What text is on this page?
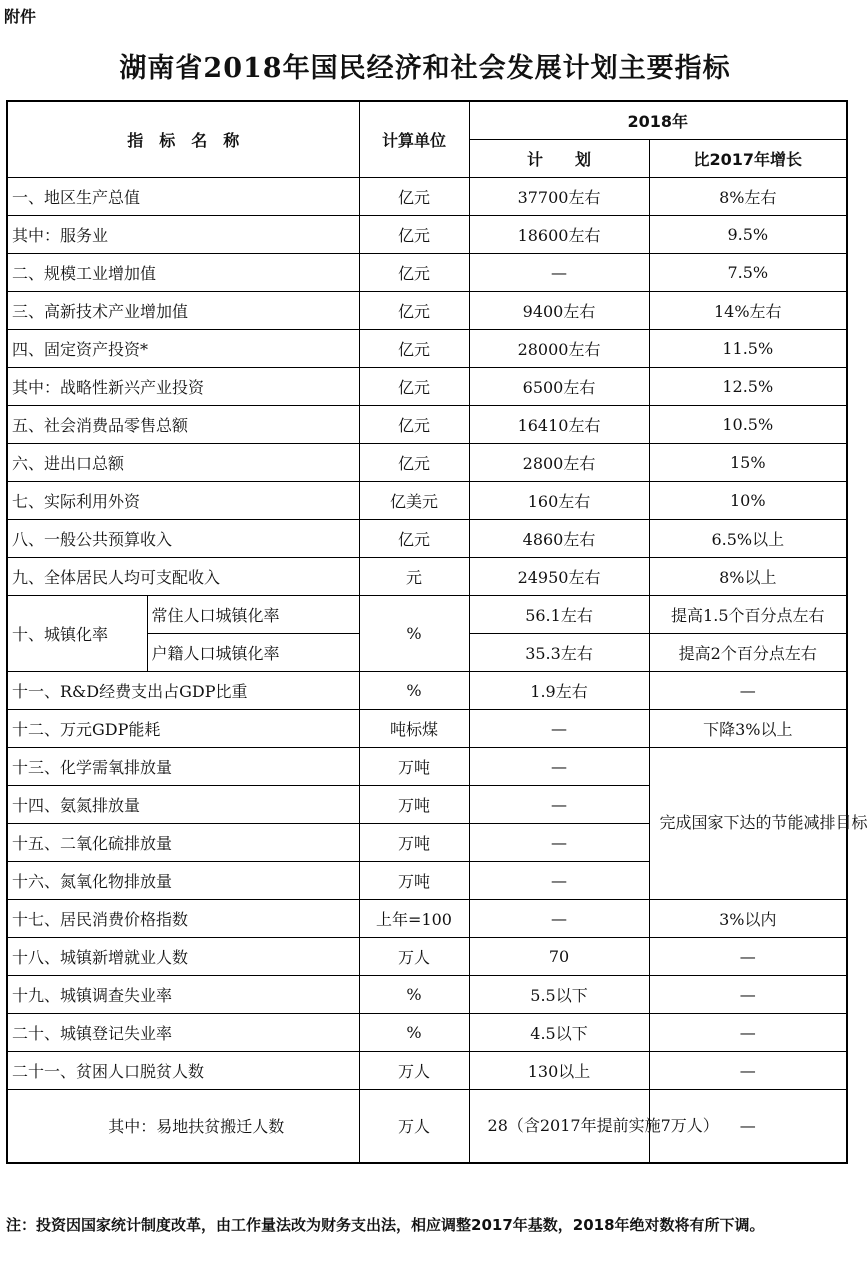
附件
湖南省2018年国民经济和社会发展计划主要指标
指　标　名　称		计算单位	2018年	
			计　　划	比2017年增长
一、地区生产总值		亿元	37700左右	8%左右
其中：服务业		亿元	18600左右	9.5%
二、规模工业增加值		亿元	—	7.5%
三、高新技术产业增加值		亿元	9400左右	14%左右
四、固定资产投资*		亿元	28000左右	11.5%
其中：战略性新兴产业投资		亿元	6500左右	12.5%
五、社会消费品零售总额		亿元	16410左右	10.5%
六、进出口总额		亿元	2800左右	15%
七、实际利用外资		亿美元	160左右	10%
八、一般公共预算收入		亿元	4860左右	6.5%以上
九、全体居民人均可支配收入		元	24950左右	8%以上
十、城镇化率	常住人口城镇化率	%	56.1左右	提高1.5个百分点左右
	户籍人口城镇化率		35.3左右	提高2个百分点左右
十一、R&D经费支出占GDP比重		%	1.9左右	—
十二、万元GDP能耗		吨标煤	—	下降3%以上
十三、化学需氧排放量		万吨	—	完成国家下达的节能减排目标
十四、氨氮排放量		万吨	—	
十五、二氧化硫排放量		万吨	—	
十六、氮氧化物排放量		万吨	—	
十七、居民消费价格指数		上年=100	—	3%以内
十八、城镇新增就业人数		万人	70	—
十九、城镇调查失业率		%	5.5以下	—
二十、城镇登记失业率		%	4.5以下	—
二十一、贫困人口脱贫人数		万人	130以上	—
其中：易地扶贫搬迁人数		万人	28（含2017年提前实施7万人）	—
注：投资因国家统计制度改革，由工作量法改为财务支出法，相应调整2017年基数，2018年绝对数将有所下调。
